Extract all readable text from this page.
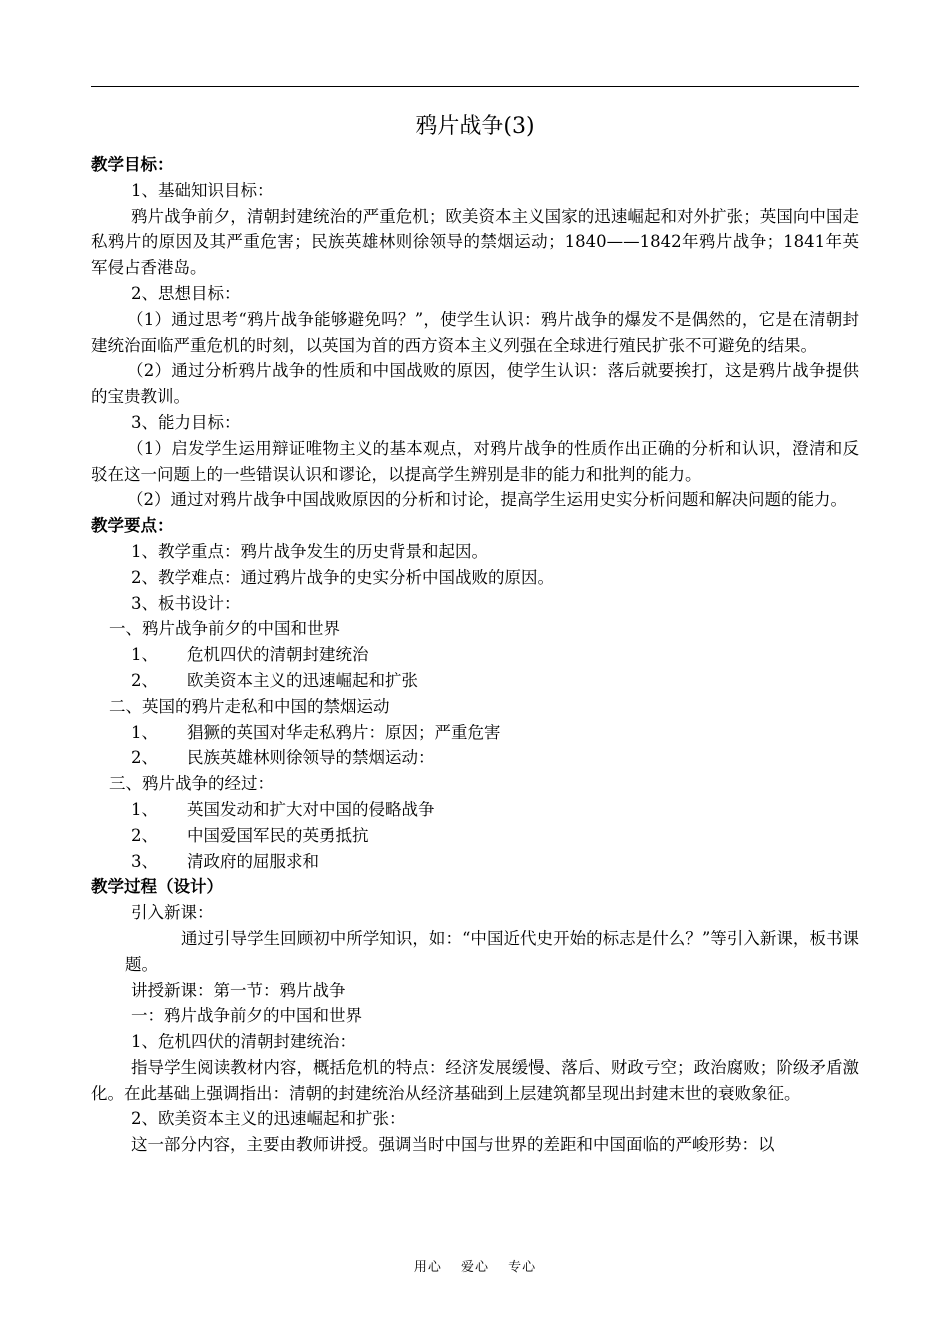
鸦片战争(3)

教学目标：

1、基础知识目标：

鸦片战争前夕，清朝封建统治的严重危机；欧美资本主义国家的迅速崛起和对外扩张；英国向中国走私鸦片的原因及其严重危害；民族英雄林则徐领导的禁烟运动；1840——1842年鸦片战争；1841年英军侵占香港岛。

2、思想目标：

（1）通过思考“鸦片战争能够避免吗？”，使学生认识：鸦片战争的爆发不是偶然的，它是在清朝封建统治面临严重危机的时刻，以英国为首的西方资本主义列强在全球进行殖民扩张不可避免的结果。

（2）通过分析鸦片战争的性质和中国战败的原因，使学生认识：落后就要挨打，这是鸦片战争提供的宝贵教训。

3、能力目标：

（1）启发学生运用辩证唯物主义的基本观点，对鸦片战争的性质作出正确的分析和认识，澄清和反驳在这一问题上的一些错误认识和谬论，以提高学生辨别是非的能力和批判的能力。

（2）通过对鸦片战争中国战败原因的分析和讨论，提高学生运用史实分析问题和解决问题的能力。

教学要点：

1、教学重点：鸦片战争发生的历史背景和起因。

2、教学难点：通过鸦片战争的史实分析中国战败的原因。

3、板书设计：

一、鸦片战争前夕的中国和世界

1、 危机四伏的清朝封建统治

2、 欧美资本主义的迅速崛起和扩张

二、英国的鸦片走私和中国的禁烟运动

1、 猖獗的英国对华走私鸦片：原因；严重危害

2、 民族英雄林则徐领导的禁烟运动：

三、鸦片战争的经过：

1、 英国发动和扩大对中国的侵略战争

2、 中国爱国军民的英勇抵抗

3、 清政府的屈服求和

教学过程（设计）

引入新课：

通过引导学生回顾初中所学知识，如：“中国近代史开始的标志是什么？”等引入新课，板书课题。

讲授新课：第一节：鸦片战争

一：鸦片战争前夕的中国和世界

1、危机四伏的清朝封建统治：

指导学生阅读教材内容，概括危机的特点：经济发展缓慢、落后、财政亏空；政治腐败；阶级矛盾激化。在此基础上强调指出：清朝的封建统治从经济基础到上层建筑都呈现出封建末世的衰败象征。

2、欧美资本主义的迅速崛起和扩张：

这一部分内容，主要由教师讲授。强调当时中国与世界的差距和中国面临的严峻形势：以

用心 爱心 专心
